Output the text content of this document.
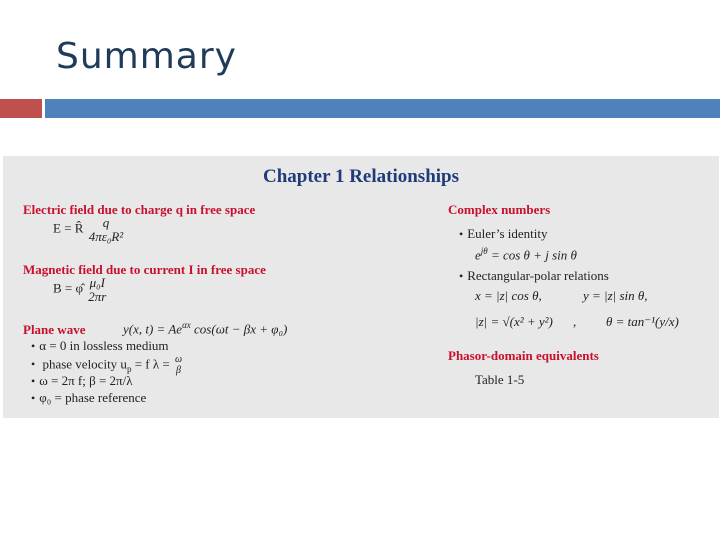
Summary
Chapter 1 Relationships
Electric field due to charge q in free space
E = R̂	q
4πε₀R²
Magnetic field due to current I in free space
B = φ̂ μ₀I
2πr
Plane wave	y(x, $t) = Ae^{\alpha x}$ cos(ωt − βx + φ₀)
• α = 0 in lossless medium
• phase velocity $u_p = f$ λ = ω
β
• ω = 2π f; β = 2π/λ
• φ₀ = phase reference
Complex numbers
• Euler’s identity
$e^{j\theta} = \cos \theta + j$ sin θ
• Rectangular-polar relations
x = |z| cos θ,	y = |z| sin θ,
|z| = √(x² + y²) , θ = tan⁻¹(y/x)
Phasor-domain equivalents
Table 1-5
